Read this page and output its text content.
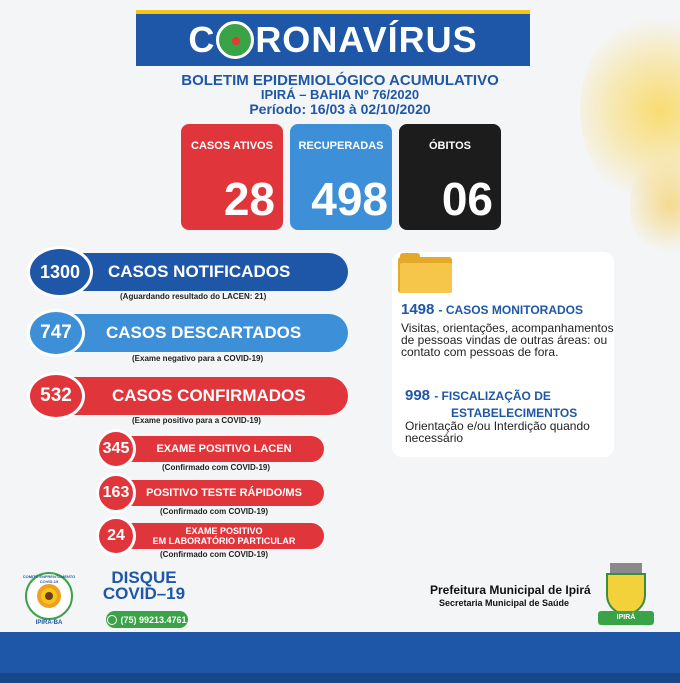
C RONAVÍRUS
BOLETIM EPIDEMIOLÓGICO ACUMULATIVO
IPIRÁ – BAHIA Nº 76/2020
Período: 16/03 à 02/10/2020
CASOS ATIVOS
28
RECUPERADAS
498
ÓBITOS
06
CASOS NOTIFICADOS
1300
(Aguardando resultado do LACEN: 21)
CASOS DESCARTADOS
747
(Exame negativo para a COVID-19)
CASOS CONFIRMADOS
532
(Exame positivo para a COVID-19)
EXAME POSITIVO LACEN
345
(Confirmado com COVID-19)
POSITIVO TESTE RÁPIDO/MS
163
(Confirmado com COVID-19)
EXAME POSITIVO
EM LABORATÓRIO PARTICULAR
24
(Confirmado com COVID-19)
1498 - CASOS MONITORADOS
Visitas, orientações, acompanhamentos de pessoas vindas de outras áreas: ou contato com pessoas de fora.
998 - FISCALIZAÇÃO DE
ESTABELECIMENTOS
Orientação e/ou Interdição quando necessário
COMITÊ ENFRENTAMENTO COVID-19
IPIRÁ-BA
DISQUE
COVID–19
(75) 99213.4761
Prefeitura Municipal de Ipirá
Secretaria Municipal de Saúde
IPIRÁ
